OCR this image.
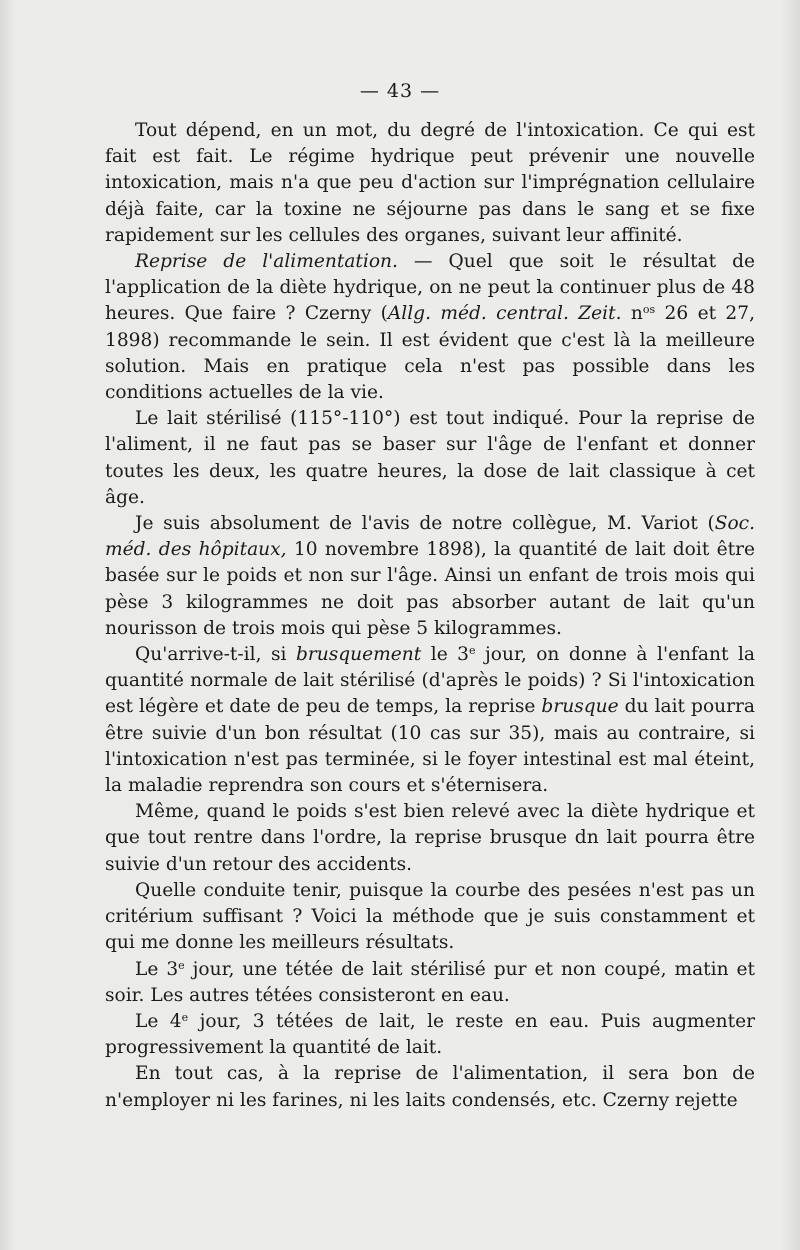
— 43 —

Tout dépend, en un mot, du degré de l'intoxication. Ce qui est fait est fait. Le régime hydrique peut prévenir une nouvelle intoxication, mais n'a que peu d'action sur l'imprégnation cellulaire déjà faite, car la toxine ne séjourne pas dans le sang et se fixe rapidement sur les cellules des organes, suivant leur affinité.

Reprise de l'alimentation. — Quel que soit le résultat de l'application de la diète hydrique, on ne peut la continuer plus de 48 heures. Que faire ? Czerny (Allg. méd. central. Zeit. $n^{os}$ 26 et 27, 1898) recommande le sein. Il est évident que c'est là la meilleure solution. Mais en pratique cela n'est pas possible dans les conditions actuelles de la vie.

Le lait stérilisé (115°-110°) est tout indiqué. Pour la reprise de l'aliment, il ne faut pas se baser sur l'âge de l'enfant et donner toutes les deux, les quatre heures, la dose de lait classique à cet âge.

Je suis absolument de l'avis de notre collègue, M. Variot (Soc. méd. des hôpitaux, 10 novembre 1898), la quantité de lait doit être basée sur le poids et non sur l'âge. Ainsi un enfant de trois mois qui pèse 3 kilogrammes ne doit pas absorber autant de lait qu'un nourisson de trois mois qui pèse 5 kilogrammes.

Qu'arrive-t-il, si brusquement le 3e jour, on donne à l'enfant la quantité normale de lait stérilisé (d'après le poids) ? Si l'intoxication est légère et date de peu de temps, la reprise brusque du lait pourra être suivie d'un bon résultat (10 cas sur 35), mais au contraire, si l'intoxication n'est pas terminée, si le foyer intestinal est mal éteint, la maladie reprendra son cours et s'éternisera.

Même, quand le poids s'est bien relevé avec la diète hydrique et que tout rentre dans l'ordre, la reprise brusque dn lait pourra être suivie d'un retour des accidents.

Quelle conduite tenir, puisque la courbe des pesées n'est pas un critérium suffisant ? Voici la méthode que je suis constamment et qui me donne les meilleurs résultats.

Le 3e jour, une tétée de lait stérilisé pur et non coupé, matin et soir. Les autres tétées consisteront en eau.

Le 4e jour, 3 tétées de lait, le reste en eau. Puis augmenter progressivement la quantité de lait.

En tout cas, à la reprise de l'alimentation, il sera bon de n'employer ni les farines, ni les laits condensés, etc. Czerny rejette
